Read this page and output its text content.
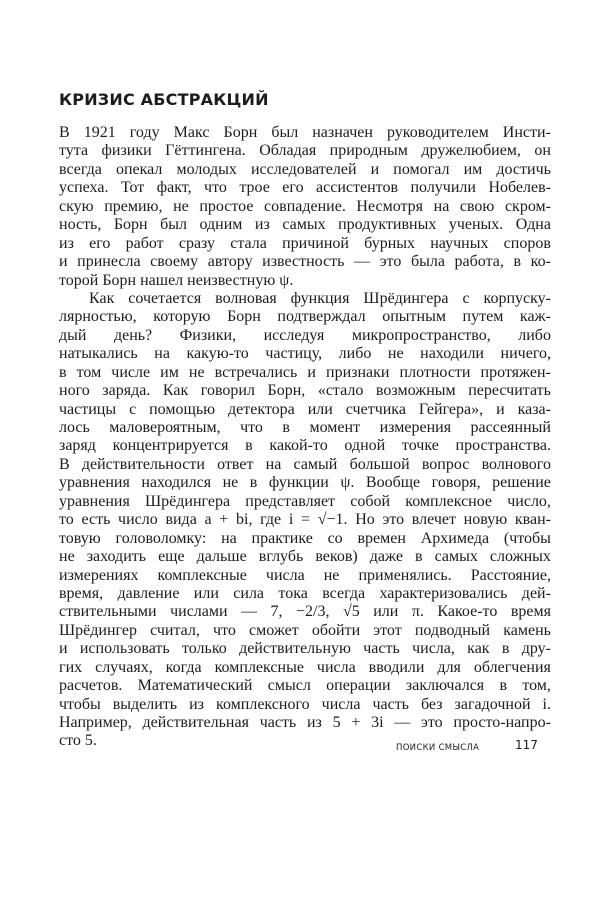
КРИЗИС АБСТРАКЦИЙ
В 1921 году Макс Борн был назначен руководителем Инсти-
тута физики Гёттингена. Обладая природным дружелюбием, он
всегда опекал молодых исследователей и помогал им достичь
успеха. Тот факт, что трое его ассистентов получили Нобелев-
скую премию, не простое совпадение. Несмотря на свою скром-
ность, Борн был одним из самых продуктивных ученых. Одна
из его работ сразу стала причиной бурных научных споров
и принесла своему автору известность — это была работа, в ко-
торой Борн нашел неизвестную ψ.
Как сочетается волновая функция Шрёдингера с корпуску-
лярностью, которую Борн подтверждал опытным путем каж-
дый день? Физики, исследуя микропространство, либо
натыкались на какую-то частицу, либо не находили ничего,
в том числе им не встречались и признаки плотности протяжен-
ного заряда. Как говорил Борн, «стало возможным пересчитать
частицы с помощью детектора или счетчика Гейгера», и каза-
лось маловероятным, что в момент измерения рассеянный
заряд концентрируется в какой-то одной точке пространства.
В действительности ответ на самый большой вопрос волнового
уравнения находился не в функции ψ. Вообще говоря, решение
уравнения Шрёдингера представляет собой комплексное число,
то есть число вида a + bi, где i = √−1. Но это влечет новую кван-
товую головоломку: на практике со времен Архимеда (чтобы
не заходить еще дальше вглубь веков) даже в самых сложных
измерениях комплексные числа не применялись. Расстояние,
время, давление или сила тока всегда характеризовались дей-
ствительными числами — 7, −2/3, √5 или π. Какое-то время
Шрёдингер считал, что сможет обойти этот подводный камень
и использовать только действительную часть числа, как в дру-
гих случаях, когда комплексные числа вводили для облегчения
расчетов. Математический смысл операции заключался в том,
чтобы выделить из комплексного числа часть без загадочной i.
Например, действительная часть из 5 + 3i — это просто-напро-
сто 5.	ПОИСКИ СМЫСЛА	117
